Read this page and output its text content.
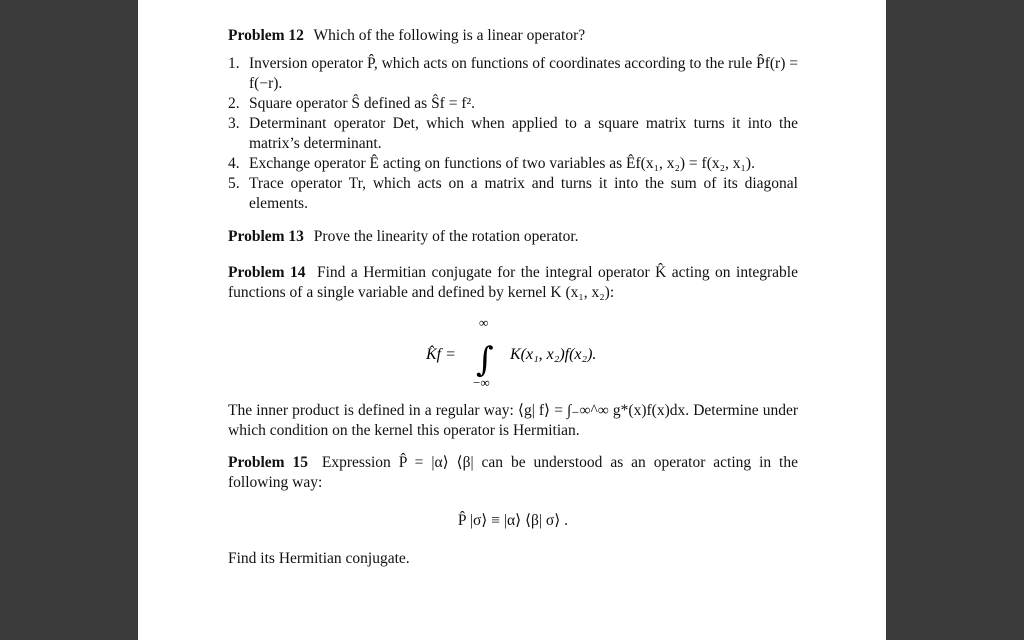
Problem 12 Which of the following is a linear operator?

1. Inversion operator P̂, which acts on functions of coordinates according to the rule P̂f(r) = f(−r).
2. Square operator Ŝ defined as Ŝf = f².
3. Determinant operator Det, which when applied to a square matrix turns it into the matrix’s determinant.
4. Exchange operator Ê acting on functions of two variables as Êf(x₁, x₂) = f(x₂, x₁).
5. Trace operator Tr, which acts on a matrix and turns it into the sum of its diagonal elements.

Problem 13 Prove the linearity of the rotation operator.

Problem 14 Find a Hermitian conjugate for the integral operator K̂ acting on integrable functions of a single variable and defined by kernel K (x₁, x₂):

K̂f = ∫
∞
−∞
K(x₁, x₂)f(x₂).

The inner product is defined in a regular way: ⟨g| f⟩ = ∫₋∞^∞ g*(x)f(x)dx. Determine under which condition on the kernel this operator is Hermitian.

Problem 15 Expression P̂ = |α⟩ ⟨β| can be understood as an operator acting in the following way:

P̂ |σ⟩ ≡ |α⟩ ⟨β| σ⟩ .

Find its Hermitian conjugate.
